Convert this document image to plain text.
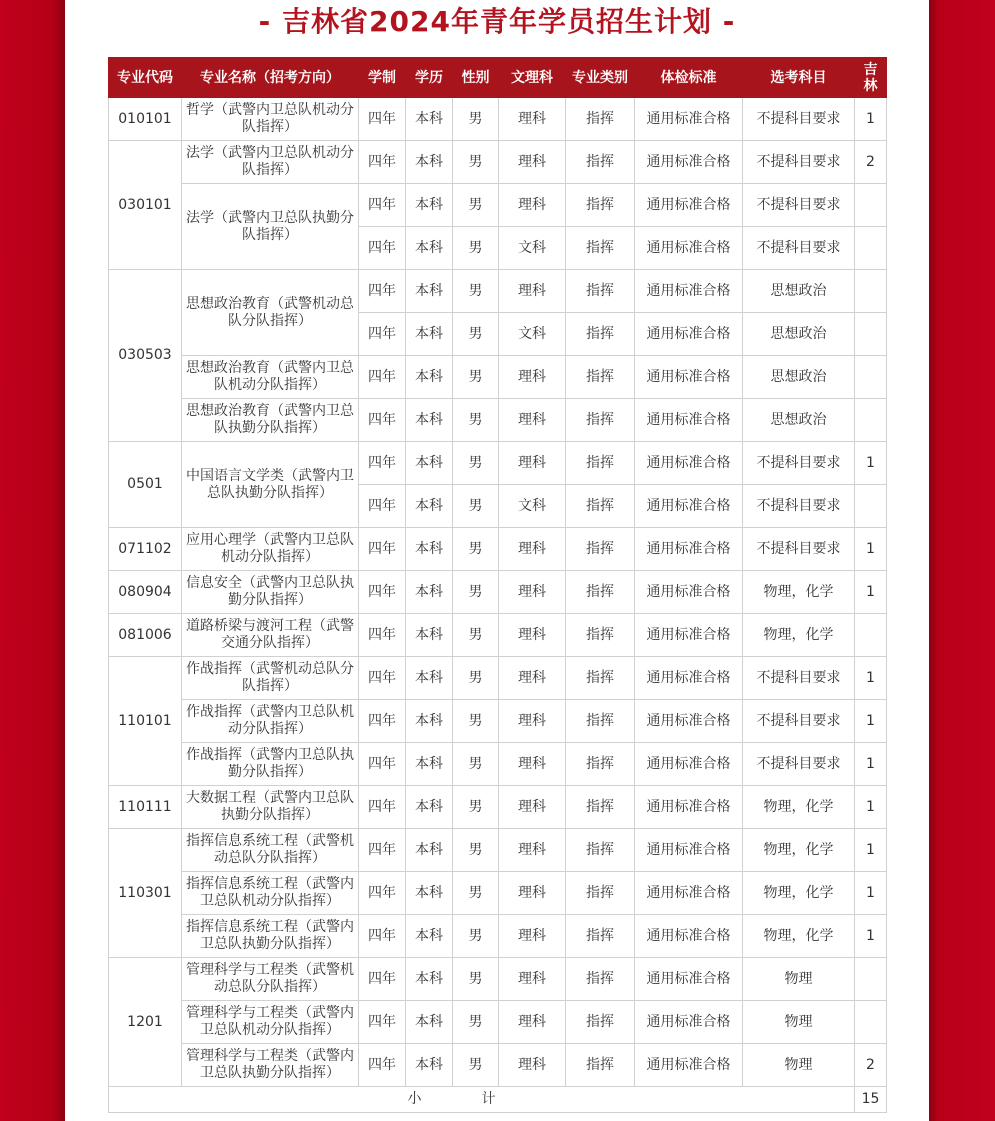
- 吉林省2024年青年学员招生计划 -
专业代码	专业名称（招考方向）	学制	学历	性别	文理科	专业类别	体检标准	选考科目	吉林
010101	哲学（武警内卫总队机动分队指挥）	四年	本科	男	理科	指挥	通用标准合格	不提科目要求	1
030101	法学（武警内卫总队机动分队指挥）	四年	本科	男	理科	指挥	通用标准合格	不提科目要求	2
	法学（武警内卫总队执勤分队指挥）	四年	本科	男	理科	指挥	通用标准合格	不提科目要求	
		四年	本科	男	文科	指挥	通用标准合格	不提科目要求	
030503	思想政治教育（武警机动总队分队指挥）	四年	本科	男	理科	指挥	通用标准合格	思想政治	
		四年	本科	男	文科	指挥	通用标准合格	思想政治	
	思想政治教育（武警内卫总队机动分队指挥）	四年	本科	男	理科	指挥	通用标准合格	思想政治	
	思想政治教育（武警内卫总队执勤分队指挥）	四年	本科	男	理科	指挥	通用标准合格	思想政治	
0501	中国语言文学类（武警内卫总队执勤分队指挥）	四年	本科	男	理科	指挥	通用标准合格	不提科目要求	1
		四年	本科	男	文科	指挥	通用标准合格	不提科目要求	
071102	应用心理学（武警内卫总队机动分队指挥）	四年	本科	男	理科	指挥	通用标准合格	不提科目要求	1
080904	信息安全（武警内卫总队执勤分队指挥）	四年	本科	男	理科	指挥	通用标准合格	物理，化学	1
081006	道路桥梁与渡河工程（武警交通分队指挥）	四年	本科	男	理科	指挥	通用标准合格	物理，化学	
110101	作战指挥（武警机动总队分队指挥）	四年	本科	男	理科	指挥	通用标准合格	不提科目要求	1
	作战指挥（武警内卫总队机动分队指挥）	四年	本科	男	理科	指挥	通用标准合格	不提科目要求	1
	作战指挥（武警内卫总队执勤分队指挥）	四年	本科	男	理科	指挥	通用标准合格	不提科目要求	1
110111	大数据工程（武警内卫总队执勤分队指挥）	四年	本科	男	理科	指挥	通用标准合格	物理，化学	1
110301	指挥信息系统工程（武警机动总队分队指挥）	四年	本科	男	理科	指挥	通用标准合格	物理，化学	1
	指挥信息系统工程（武警内卫总队机动分队指挥）	四年	本科	男	理科	指挥	通用标准合格	物理，化学	1
	指挥信息系统工程（武警内卫总队执勤分队指挥）	四年	本科	男	理科	指挥	通用标准合格	物理，化学	1
1201	管理科学与工程类（武警机动总队分队指挥）	四年	本科	男	理科	指挥	通用标准合格	物理	
	管理科学与工程类（武警内卫总队机动分队指挥）	四年	本科	男	理科	指挥	通用标准合格	物理	
	管理科学与工程类（武警内卫总队执勤分队指挥）	四年	本科	男	理科	指挥	通用标准合格	物理	2
小计									15
